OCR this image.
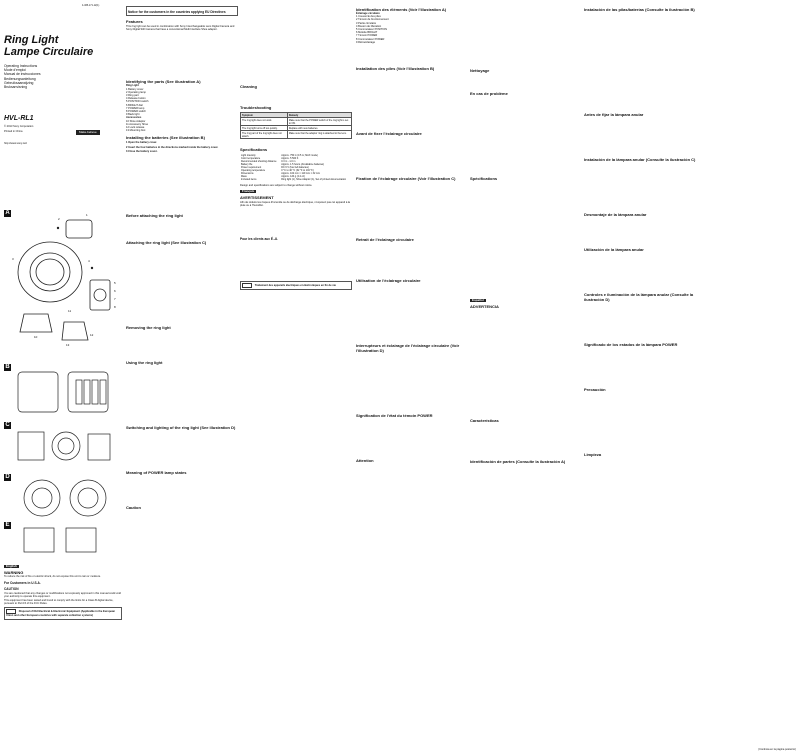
4-465-171-12(1)
Ring Light
Lampe Circulaire
Operating Instructions
Mode d'emploi
Manual de instrucciones
Bedienungsanleitung
Gebruiksaanwijzing
Bruksanvisning
Make.believe
HVL-RL1
© 2013 Sony Corporation
Printed in China
http://www.sony.net/
A	1
2
3	4
5
6
7
8
10
11
12
13
B
C
D
E
English
WARNING
To reduce the risk of fire or electric shock, do not expose this unit to rain or moisture.
For Customers in U.S.A.
CAUTION
You are cautioned that any changes or modifications not expressly approved in this manual could void your authority to operate this equipment.
This equipment has been tested and found to comply with the limits for a Class B digital device, pursuant to Part 15 of the FCC Rules.
Disposal of Old Electrical & Electronic Equipment (Applicable in the European Union and other European countries with separate collection systems)
Notice for the customers in the countries applying EU Directives
Features
This ring light can be used in combination with Sony Interchangeable Lens Digital Camera and Sony Digital Still Camera that have a conventional Multi Interface Shoe adaptor.
Identifying the parts (See illustration A)
Ring Light
1 Battery cover
2 Operating lamp
3 Ring part
4 Release button
5 POSITION switch
6 BRIGHT dial
7 POWER lamp
8 POWER switch
9 Back light
Accessories
10 Shoe Adaptor
11 Accessory Shoe
12 Lock release
13 Mounting foot
Installing the batteries (See illustration B)
1 Open the battery cover.
2 Insert the four batteries in the directions marked inside the battery cover.
3 Close the battery cover.
Before attaching the ring light
Attaching the ring light (See illustration C)
Removing the ring light
Using the ring light
Switching and lighting of the ring light (See illustration D)
Meaning of POWER lamp states
Caution
Cleaning
Troubleshooting
Symptom	Remedy
The ring light does not work.	Make sure that the POWER switch of the ring light is set to ON.
The ring light turns off too quickly.	Replace with new batteries.
The ring part of the ring light does not attach.	Make sure that the adaptor ring is attached to the lens.
Specifications
Light intensity	Approx. 750 lx (0.5 m; MAX mode)
Color temperature	Approx. 5 500 K
Recommended shooting distance	0.3 m - 1.0 m
Battery life	Approx. 1.5 hours (AA alkaline batteries)
Power requirement	DC 6 V (four AA batteries)
Operating temperature	0 °C to 40 °C (32 °F to 104 °F)
Dimensions	Approx. 102 mm × 119 mm × 32 mm
Mass	Approx. 120 g (4.2 oz)
Included items	Ring light (1), Shoe Adaptor (1), Set of printed documentation
Design and specifications are subject to change without notice.
Français
AVERTISSEMENT
Afin de réduire les risques d'incendie ou de décharge électrique, n'exposez pas cet appareil à la pluie ou à l'humidité.
Pour les clients aux É.-U.
Traitement des appareils électriques et électroniques en fin de vie
Identification des éléments (Voir l'illustration A)
Éclairage circulaire
1 Couvercle des piles
2 Témoin de fonctionnement
3 Partie circulaire
4 Bouton de libération
5 Commutateur POSITION
6 Molette BRIGHT
7 Témoin POWER
8 Commutateur POWER
9 Rétroéclairage
Installation des piles (Voir l'illustration B)
Avant de fixer l'éclairage circulaire
Fixation de l'éclairage circulaire (Voir l'illustration C)
Retrait de l'éclairage circulaire
Utilisation de l'éclairage circulaire
Interrupteurs et éclairage de l'éclairage circulaire (Voir l'illustration D)
Signification de l'état du témoin POWER
Attention
Nettoyage
En cas de problème
Spécifications
Español
ADVERTENCIA
Características
Identificación de partes (Consulte la ilustración A)
Instalación de las pilas/baterías (Consulte la ilustración B)
Antes de fijar la lámpara anular
Instalación de la lámpara anular (Consulte la ilustración C)
Desmontaje de la lámpara anular
Utilización de la lámpara anular
Controles e iluminación de la lámpara anular (Consulte la ilustración D)
Significado de los estados de la lámpara POWER
Precaución
Limpieza
(Continúa en la página posterior)
